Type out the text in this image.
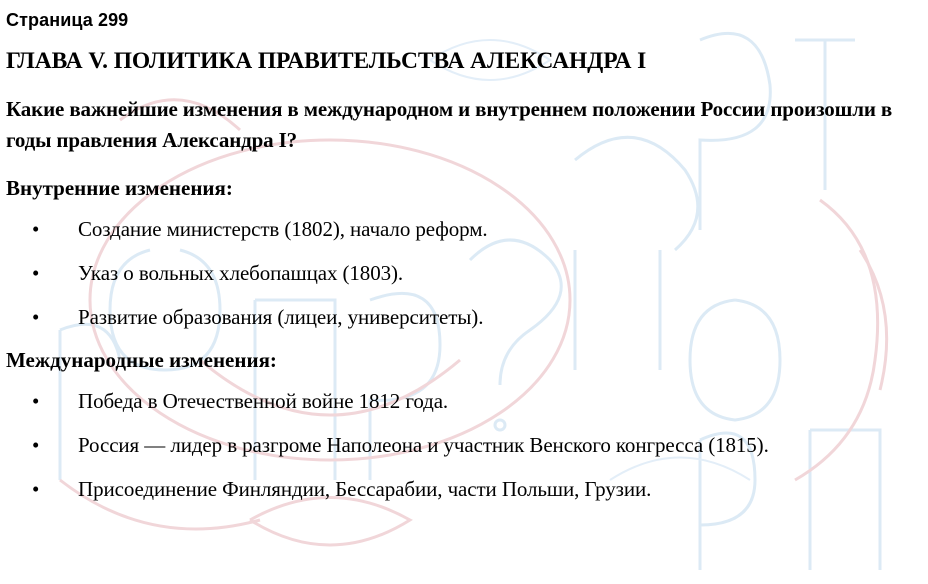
Страница 299
ГЛАВА V. ПОЛИТИКА ПРАВИТЕЛЬСТВА АЛЕКСАНДРА I

Какие важнейшие изменения в международном и внутреннем положении России произошли в годы правления Александра I?

Внутренние изменения:
• Создание министерств (1802), начало реформ.
• Указ о вольных хлебопашцах (1803).
• Развитие образования (лицеи, университеты).
Международные изменения:
• Победа в Отечественной войне 1812 года.
• Россия — лидер в разгроме Наполеона и участник Венского конгресса (1815).
• Присоединение Финляндии, Бессарабии, части Польши, Грузии.
